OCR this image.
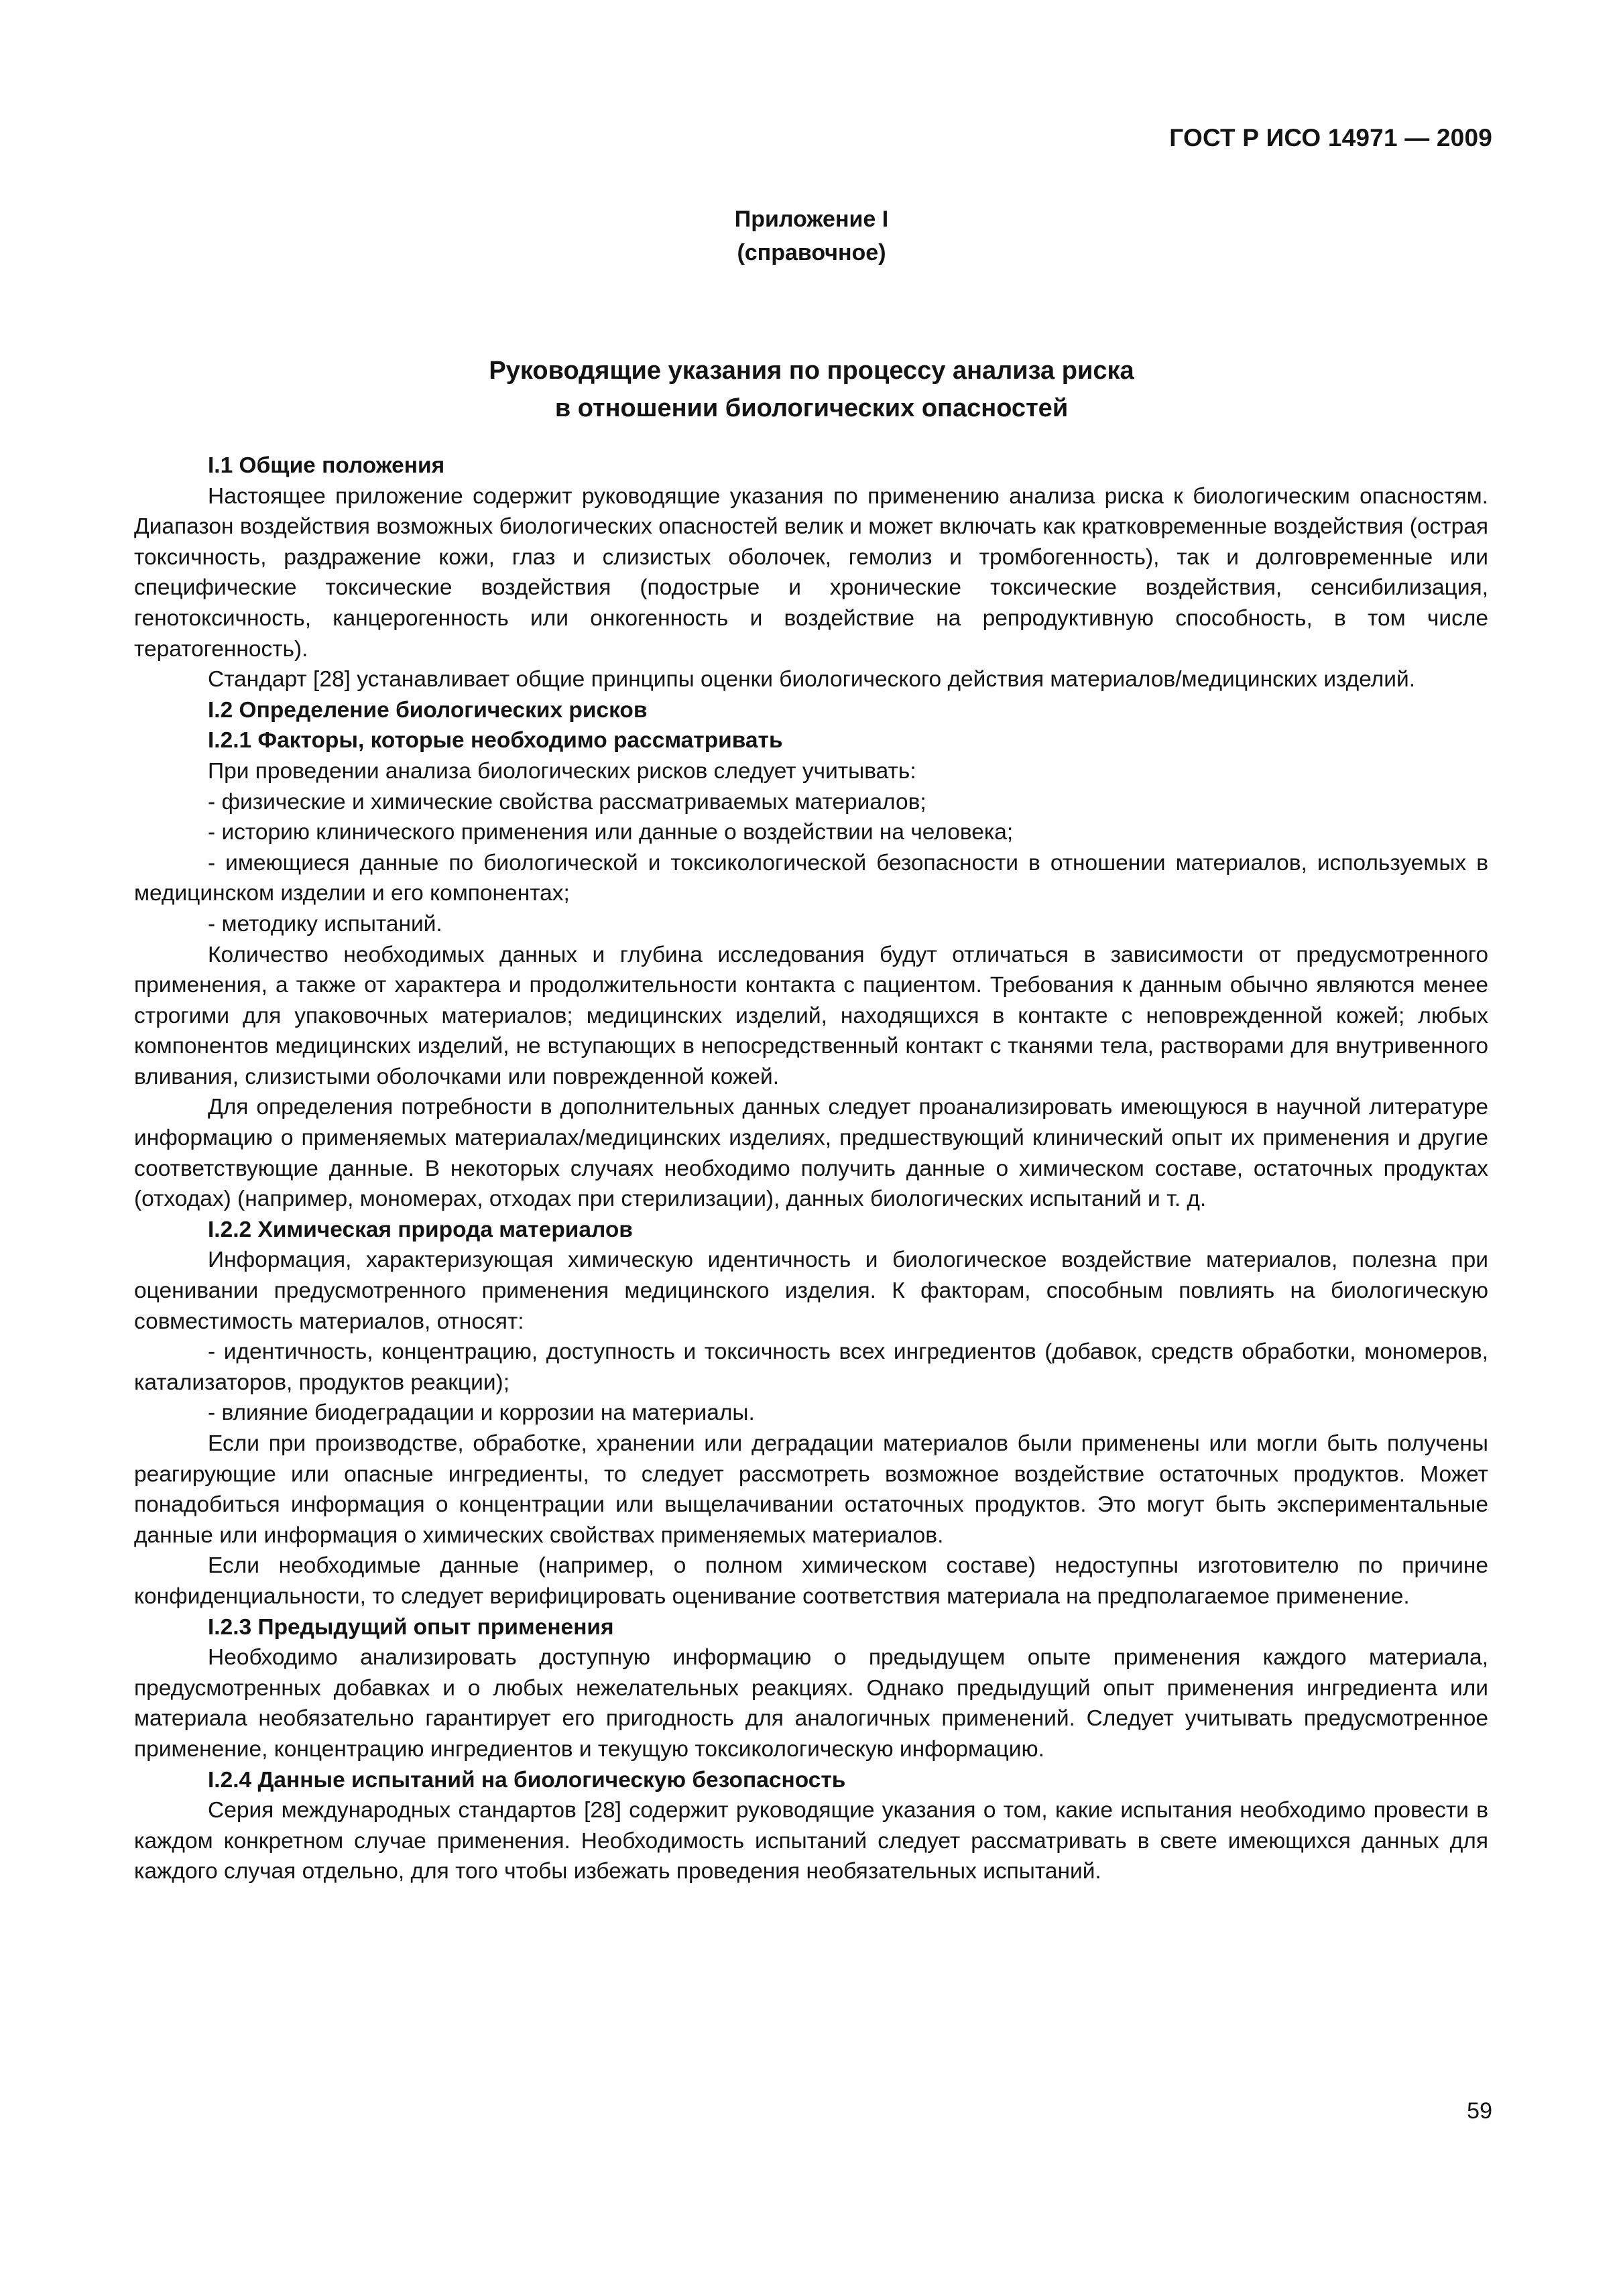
ГОСТ Р ИСО 14971 — 2009
Приложение I
(справочное)
Руководящие указания по процессу анализа риска
в отношении биологических опасностей

I.1 Общие положения

Настоящее приложение содержит руководящие указания по применению анализа риска к биологическим опасностям. Диапазон воздействия возможных биологических опасностей велик и может включать как кратковременные воздействия (острая токсичность, раздражение кожи, глаз и слизистых оболочек, гемолиз и тромбогенность), так и долговременные или специфические токсические воздействия (подострые и хронические токсические воздействия, сенсибилизация, генотоксичность, канцерогенность или онкогенность и воздействие на репродуктивную способность, в том числе тератогенность).

Стандарт [28] устанавливает общие принципы оценки биологического действия материалов/медицинских изделий.

I.2 Определение биологических рисков

I.2.1 Факторы, которые необходимо рассматривать

При проведении анализа биологических рисков следует учитывать:

- физические и химические свойства рассматриваемых материалов;

- историю клинического применения или данные о воздействии на человека;

- имеющиеся данные по биологической и токсикологической безопасности в отношении материалов, используемых в медицинском изделии и его компонентах;

- методику испытаний.

Количество необходимых данных и глубина исследования будут отличаться в зависимости от предусмотренного применения, а также от характера и продолжительности контакта с пациентом. Требования к данным обычно являются менее строгими для упаковочных материалов; медицинских изделий, находящихся в контакте с неповрежденной кожей; любых компонентов медицинских изделий, не вступающих в непосредственный контакт с тканями тела, растворами для внутривенного вливания, слизистыми оболочками или поврежденной кожей.

Для определения потребности в дополнительных данных следует проанализировать имеющуюся в научной литературе информацию о применяемых материалах/медицинских изделиях, предшествующий клинический опыт их применения и другие соответствующие данные. В некоторых случаях необходимо получить данные о химическом составе, остаточных продуктах (отходах) (например, мономерах, отходах при стерилизации), данных биологических испытаний и т. д.

I.2.2 Химическая природа материалов

Информация, характеризующая химическую идентичность и биологическое воздействие материалов, полезна при оценивании предусмотренного применения медицинского изделия. К факторам, способным повлиять на биологическую совместимость материалов, относят:

- идентичность, концентрацию, доступность и токсичность всех ингредиентов (добавок, средств обработки, мономеров, катализаторов, продуктов реакции);

- влияние биодеградации и коррозии на материалы.

Если при производстве, обработке, хранении или деградации материалов были применены или могли быть получены реагирующие или опасные ингредиенты, то следует рассмотреть возможное воздействие остаточных продуктов. Может понадобиться информация о концентрации или выщелачивании остаточных продуктов. Это могут быть экспериментальные данные или информация о химических свойствах применяемых материалов.

Если необходимые данные (например, о полном химическом составе) недоступны изготовителю по причине конфиденциальности, то следует верифицировать оценивание соответствия материала на предполагаемое применение.

I.2.3 Предыдущий опыт применения

Необходимо анализировать доступную информацию о предыдущем опыте применения каждого материала, предусмотренных добавках и о любых нежелательных реакциях. Однако предыдущий опыт применения ингредиента или материала необязательно гарантирует его пригодность для аналогичных применений. Следует учитывать предусмотренное применение, концентрацию ингредиентов и текущую токсикологическую информацию.

I.2.4 Данные испытаний на биологическую безопасность

Серия международных стандартов [28] содержит руководящие указания о том, какие испытания необходимо провести в каждом конкретном случае применения. Необходимость испытаний следует рассматривать в свете имеющихся данных для каждого случая отдельно, для того чтобы избежать проведения необязательных испытаний.

59
